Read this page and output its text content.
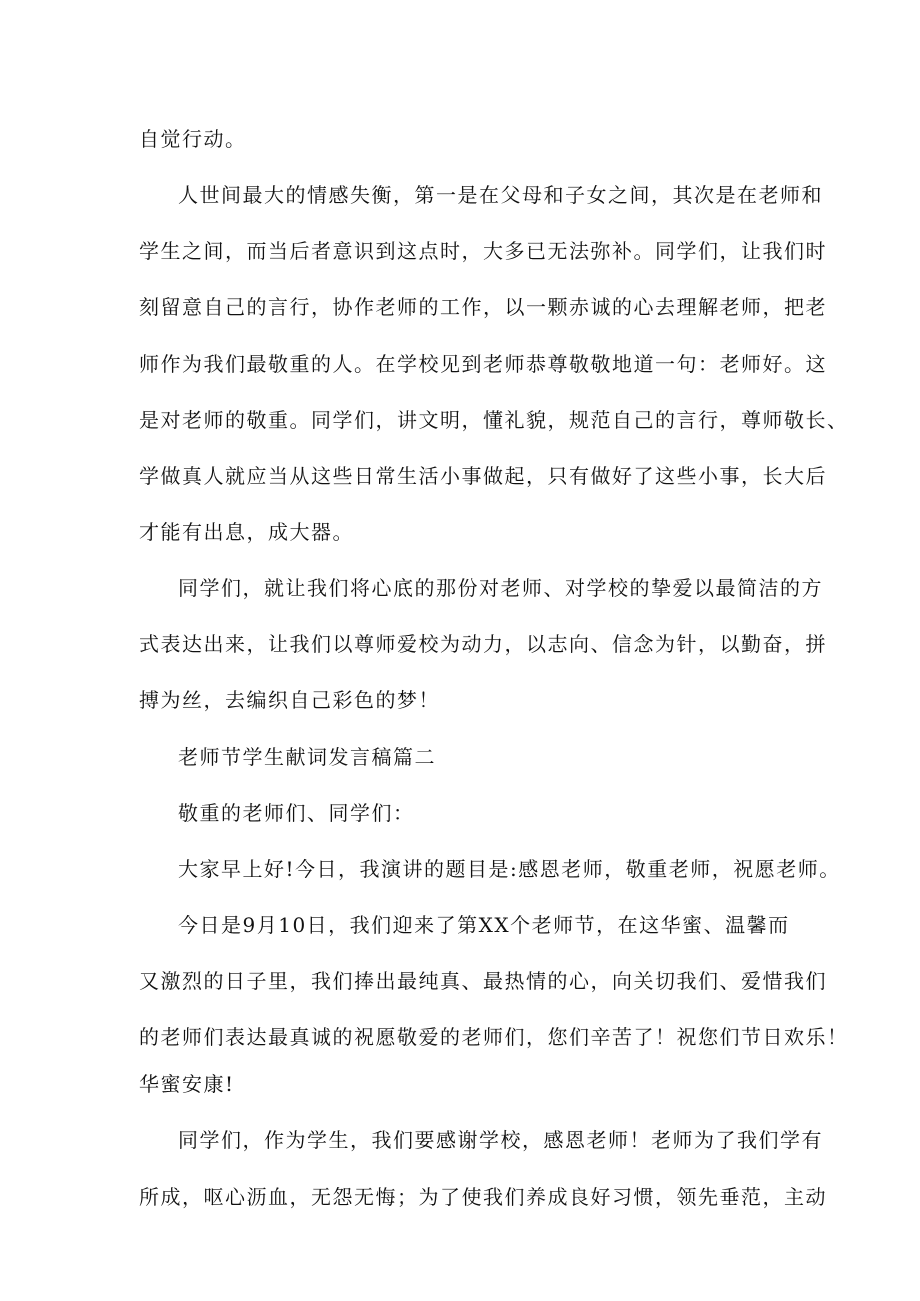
自觉行动。
人世间最大的情感失衡，第一是在父母和子女之间，其次是在老师和
学生之间，而当后者意识到这点时，大多已无法弥补。同学们，让我们时
刻留意自己的言行，协作老师的工作，以一颗赤诚的心去理解老师，把老
师作为我们最敬重的人。在学校见到老师恭尊敬敬地道一句：老师好。这
是对老师的敬重。同学们，讲文明，懂礼貌，规范自己的言行，尊师敬长、
学做真人就应当从这些日常生活小事做起，只有做好了这些小事，长大后
才能有出息，成大器。
同学们，就让我们将心底的那份对老师、对学校的挚爱以最简洁的方
式表达出来，让我们以尊师爱校为动力，以志向、信念为针，以勤奋，拼
搏为丝，去编织自己彩色的梦！
老师节学生献词发言稿篇二
敬重的老师们、同学们：
大家早上好!今日，我演讲的题目是:感恩老师，敬重老师，祝愿老师。
今日是9月10日，我们迎来了第XX个老师节，在这华蜜、温馨而
又激烈的日子里，我们捧出最纯真、最热情的心，向关切我们、爱惜我们
的老师们表达最真诚的祝愿敬爱的老师们，您们辛苦了！祝您们节日欢乐！
华蜜安康!
同学们，作为学生，我们要感谢学校，感恩老师！老师为了我们学有
所成，呕心沥血，无怨无悔；为了使我们养成良好习惯，领先垂范，主动
